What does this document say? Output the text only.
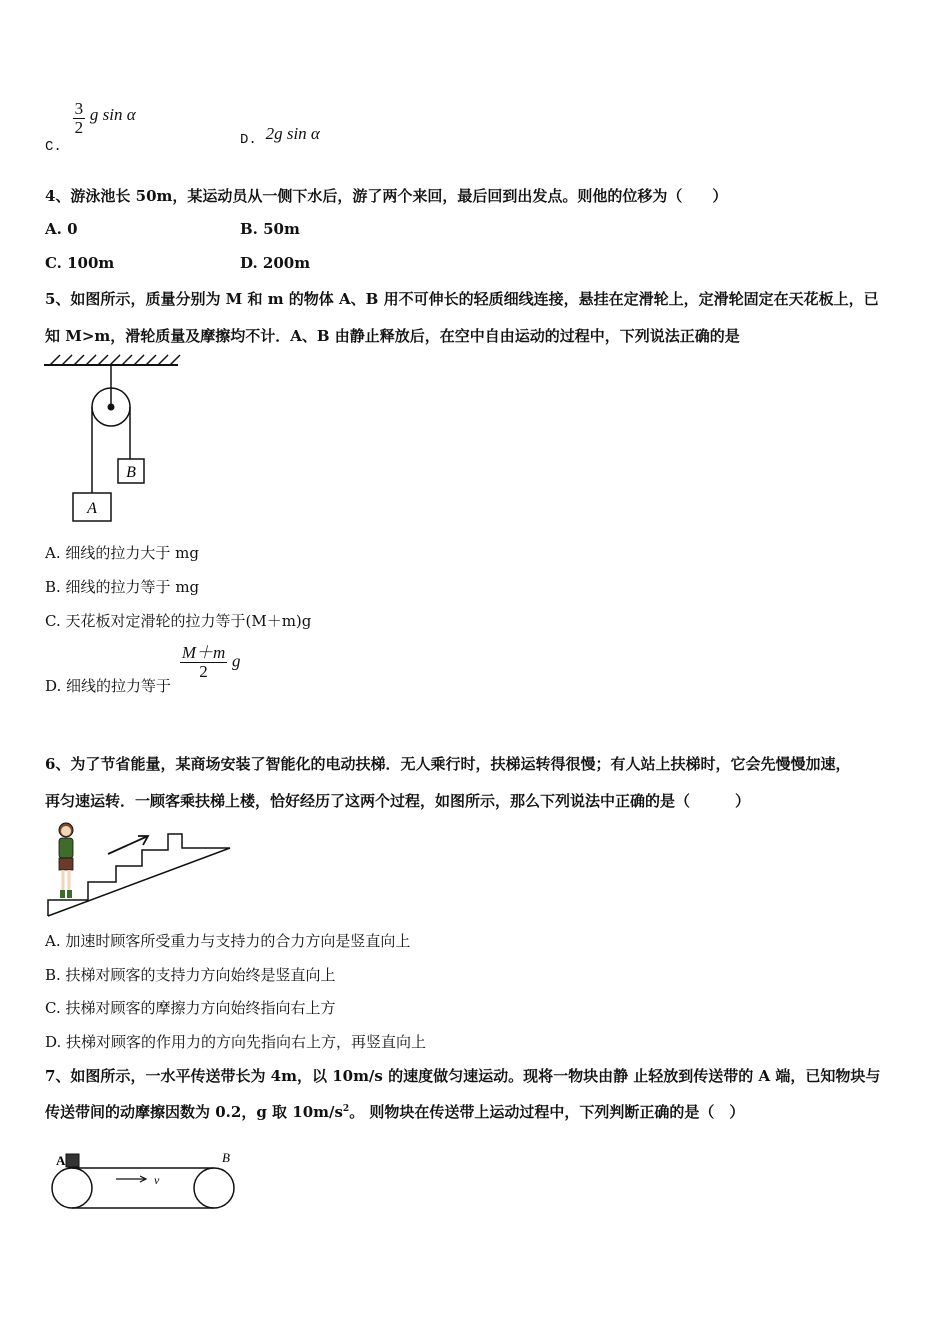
C.
$\frac{3}{2}$ g sin α
D. 2g sin α
4、游泳池长 50m，某运动员从一侧下水后，游了两个来回，最后回到出发点。则他的位移为（　　）
A. 0	B. 50m
C. 100m	D. 200m
5、如图所示，质量分别为 M 和 m 的物体 A、B 用不可伸长的轻质细线连接，悬挂在定滑轮上，定滑轮固定在天花板上，已
知 M>m，滑轮质量及摩擦均不计．A、B 由静止释放后，在空中自由运动的过程中，下列说法正确的是
B
A
A. 细线的拉力大于 mg
B. 细线的拉力等于 mg
C. 天花板对定滑轮的拉力等于(M＋m)g
D. 细线的拉力等于
$\frac{M+m}{2}$ g
6、为了节省能量，某商场安装了智能化的电动扶梯．无人乘行时，扶梯运转得很慢；有人站上扶梯时，它会先慢慢加速，
再匀速运转．一顾客乘扶梯上楼，恰好经历了这两个过程，如图所示，那么下列说法中正确的是（　　　）
A. 加速时顾客所受重力与支持力的合力方向是竖直向上
B. 扶梯对顾客的支持力方向始终是竖直向上
C. 扶梯对顾客的摩擦力方向始终指向右上方
D. 扶梯对顾客的作用力的方向先指向右上方，再竖直向上
7、如图所示，一水平传送带长为 4m，以 10m/s 的速度做匀速运动。现将一物块由静 止轻放到传送带的 A 端，已知物块与
传送带间的动摩擦因数为 0.2，g 取 $10m/s^2$。 则物块在传送带上运动过程中，下列判断正确的是（　）
A	B
v
